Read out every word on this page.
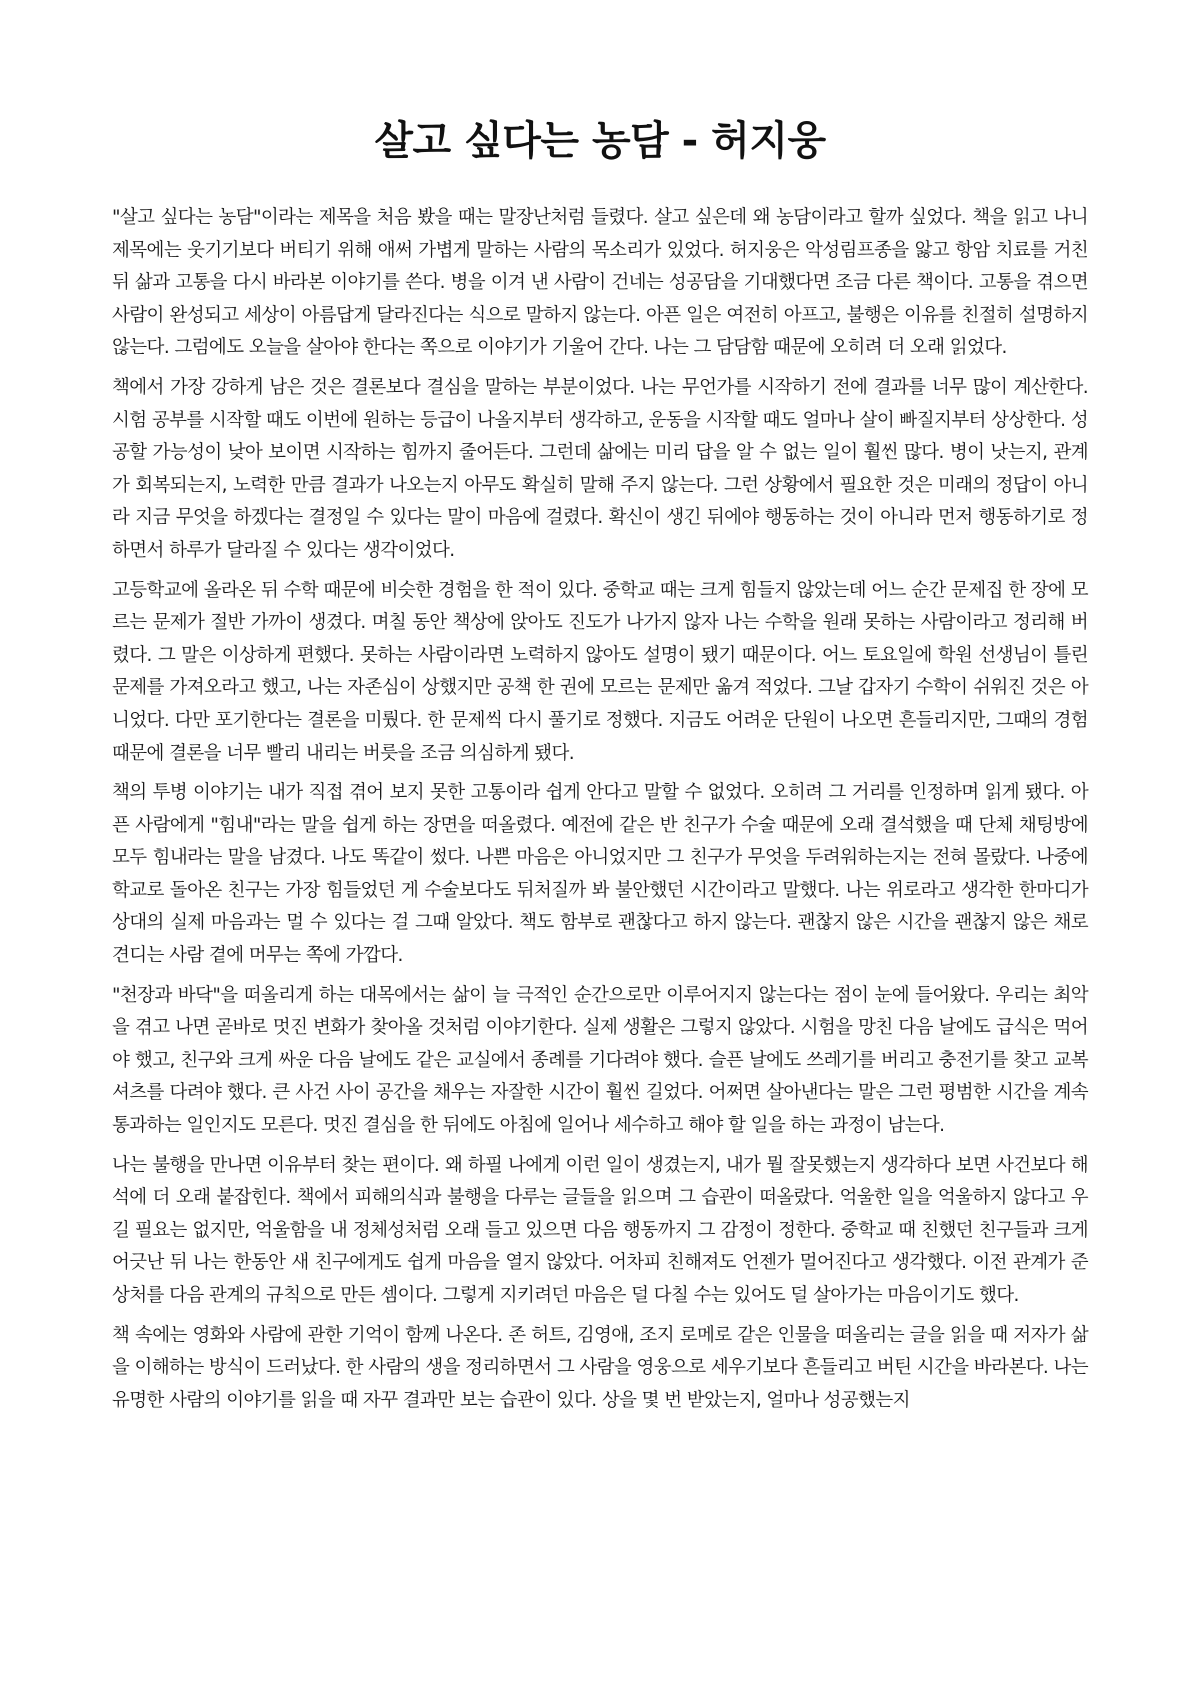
살고 싶다는 농담 - 허지웅

"살고 싶다는 농담"이라는 제목을 처음 봤을 때는 말장난처럼 들렸다. 살고 싶은데 왜 농담이라고 할까 싶었다. 책을 읽고 나니 제목에는 웃기기보다 버티기 위해 애써 가볍게 말하는 사람의 목소리가 있었다. 허지웅은 악성림프종을 앓고 항암 치료를 거친 뒤 삶과 고통을 다시 바라본 이야기를 쓴다. 병을 이겨 낸 사람이 건네는 성공담을 기대했다면 조금 다른 책이다. 고통을 겪으면 사람이 완성되고 세상이 아름답게 달라진다는 식으로 말하지 않는다. 아픈 일은 여전히 아프고, 불행은 이유를 친절히 설명하지 않는다. 그럼에도 오늘을 살아야 한다는 쪽으로 이야기가 기울어 간다. 나는 그 담담함 때문에 오히려 더 오래 읽었다.

책에서 가장 강하게 남은 것은 결론보다 결심을 말하는 부분이었다. 나는 무언가를 시작하기 전에 결과를 너무 많이 계산한다. 시험 공부를 시작할 때도 이번에 원하는 등급이 나올지부터 생각하고, 운동을 시작할 때도 얼마나 살이 빠질지부터 상상한다. 성공할 가능성이 낮아 보이면 시작하는 힘까지 줄어든다. 그런데 삶에는 미리 답을 알 수 없는 일이 훨씬 많다. 병이 낫는지, 관계가 회복되는지, 노력한 만큼 결과가 나오는지 아무도 확실히 말해 주지 않는다. 그런 상황에서 필요한 것은 미래의 정답이 아니라 지금 무엇을 하겠다는 결정일 수 있다는 말이 마음에 걸렸다. 확신이 생긴 뒤에야 행동하는 것이 아니라 먼저 행동하기로 정하면서 하루가 달라질 수 있다는 생각이었다.

고등학교에 올라온 뒤 수학 때문에 비슷한 경험을 한 적이 있다. 중학교 때는 크게 힘들지 않았는데 어느 순간 문제집 한 장에 모르는 문제가 절반 가까이 생겼다. 며칠 동안 책상에 앉아도 진도가 나가지 않자 나는 수학을 원래 못하는 사람이라고 정리해 버렸다. 그 말은 이상하게 편했다. 못하는 사람이라면 노력하지 않아도 설명이 됐기 때문이다. 어느 토요일에 학원 선생님이 틀린 문제를 가져오라고 했고, 나는 자존심이 상했지만 공책 한 권에 모르는 문제만 옮겨 적었다. 그날 갑자기 수학이 쉬워진 것은 아니었다. 다만 포기한다는 결론을 미뤘다. 한 문제씩 다시 풀기로 정했다. 지금도 어려운 단원이 나오면 흔들리지만, 그때의 경험 때문에 결론을 너무 빨리 내리는 버릇을 조금 의심하게 됐다.

책의 투병 이야기는 내가 직접 겪어 보지 못한 고통이라 쉽게 안다고 말할 수 없었다. 오히려 그 거리를 인정하며 읽게 됐다. 아픈 사람에게 "힘내"라는 말을 쉽게 하는 장면을 떠올렸다. 예전에 같은 반 친구가 수술 때문에 오래 결석했을 때 단체 채팅방에 모두 힘내라는 말을 남겼다. 나도 똑같이 썼다. 나쁜 마음은 아니었지만 그 친구가 무엇을 두려워하는지는 전혀 몰랐다. 나중에 학교로 돌아온 친구는 가장 힘들었던 게 수술보다도 뒤처질까 봐 불안했던 시간이라고 말했다. 나는 위로라고 생각한 한마디가 상대의 실제 마음과는 멀 수 있다는 걸 그때 알았다. 책도 함부로 괜찮다고 하지 않는다. 괜찮지 않은 시간을 괜찮지 않은 채로 견디는 사람 곁에 머무는 쪽에 가깝다.

"천장과 바닥"을 떠올리게 하는 대목에서는 삶이 늘 극적인 순간으로만 이루어지지 않는다는 점이 눈에 들어왔다. 우리는 최악을 겪고 나면 곧바로 멋진 변화가 찾아올 것처럼 이야기한다. 실제 생활은 그렇지 않았다. 시험을 망친 다음 날에도 급식은 먹어야 했고, 친구와 크게 싸운 다음 날에도 같은 교실에서 종례를 기다려야 했다. 슬픈 날에도 쓰레기를 버리고 충전기를 찾고 교복 셔츠를 다려야 했다. 큰 사건 사이 공간을 채우는 자잘한 시간이 훨씬 길었다. 어쩌면 살아낸다는 말은 그런 평범한 시간을 계속 통과하는 일인지도 모른다. 멋진 결심을 한 뒤에도 아침에 일어나 세수하고 해야 할 일을 하는 과정이 남는다.

나는 불행을 만나면 이유부터 찾는 편이다. 왜 하필 나에게 이런 일이 생겼는지, 내가 뭘 잘못했는지 생각하다 보면 사건보다 해석에 더 오래 붙잡힌다. 책에서 피해의식과 불행을 다루는 글들을 읽으며 그 습관이 떠올랐다. 억울한 일을 억울하지 않다고 우길 필요는 없지만, 억울함을 내 정체성처럼 오래 들고 있으면 다음 행동까지 그 감정이 정한다. 중학교 때 친했던 친구들과 크게 어긋난 뒤 나는 한동안 새 친구에게도 쉽게 마음을 열지 않았다. 어차피 친해져도 언젠가 멀어진다고 생각했다. 이전 관계가 준 상처를 다음 관계의 규칙으로 만든 셈이다. 그렇게 지키려던 마음은 덜 다칠 수는 있어도 덜 살아가는 마음이기도 했다.

책 속에는 영화와 사람에 관한 기억이 함께 나온다. 존 허트, 김영애, 조지 로메로 같은 인물을 떠올리는 글을 읽을 때 저자가 삶을 이해하는 방식이 드러났다. 한 사람의 생을 정리하면서 그 사람을 영웅으로 세우기보다 흔들리고 버틴 시간을 바라본다. 나는 유명한 사람의 이야기를 읽을 때 자꾸 결과만 보는 습관이 있다. 상을 몇 번 받았는지, 얼마나 성공했는지
